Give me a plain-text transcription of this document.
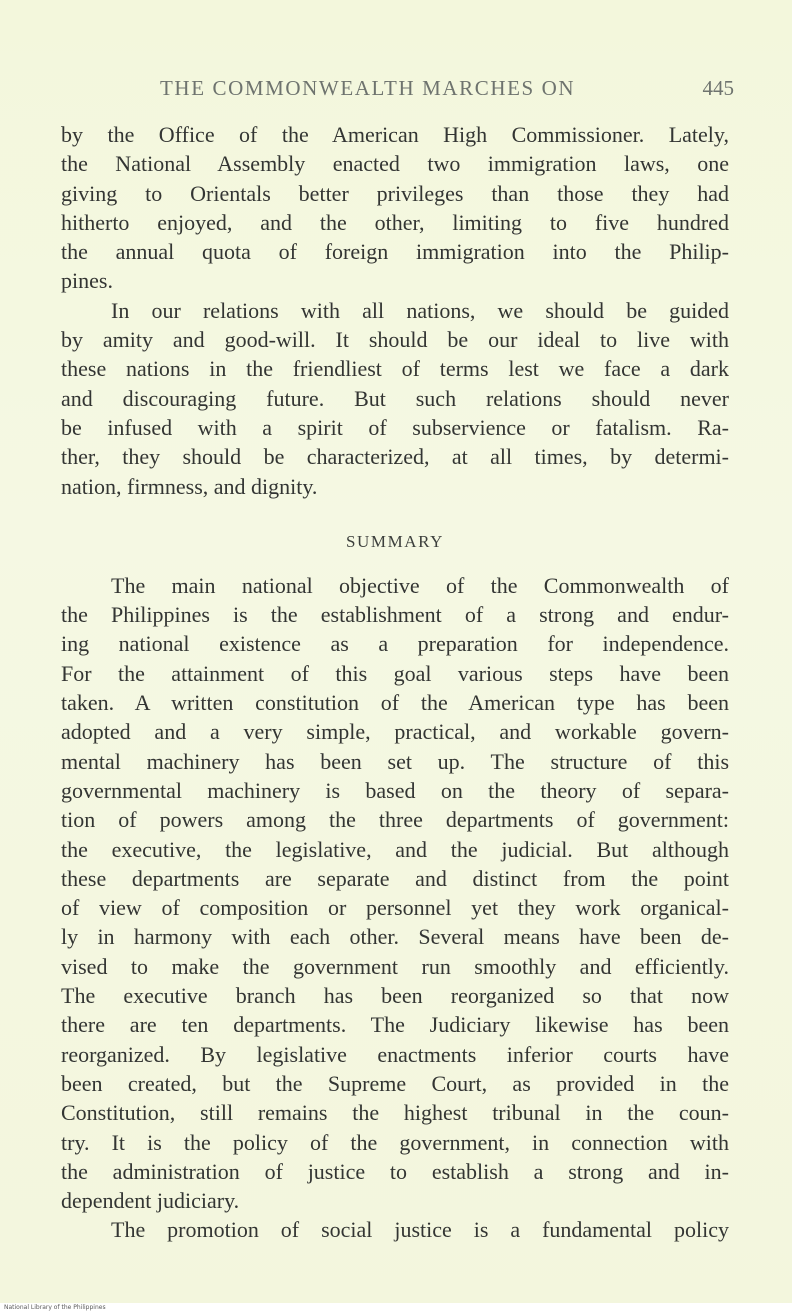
THE COMMONWEALTH MARCHES ON	445
by the Office of the American High Commissioner. Lately,
the National Assembly enacted two immigration laws, one
giving to Orientals better privileges than those they had
hitherto enjoyed, and the other, limiting to five hundred
the annual quota of foreign immigration into the Philip-
pines.
In our relations with all nations, we should be guided
by amity and good-will. It should be our ideal to live with
these nations in the friendliest of terms lest we face a dark
and discouraging future. But such relations should never
be infused with a spirit of subservience or fatalism. Ra-
ther, they should be characterized, at all times, by determi-
nation, firmness, and dignity.
SUMMARY
The main national objective of the Commonwealth of
the Philippines is the establishment of a strong and endur-
ing national existence as a preparation for independence.
For the attainment of this goal various steps have been
taken. A written constitution of the American type has been
adopted and a very simple, practical, and workable govern-
mental machinery has been set up. The structure of this
governmental machinery is based on the theory of separa-
tion of powers among the three departments of government:
the executive, the legislative, and the judicial. But although
these departments are separate and distinct from the point
of view of composition or personnel yet they work organical-
ly in harmony with each other. Several means have been de-
vised to make the government run smoothly and efficiently.
The executive branch has been reorganized so that now
there are ten departments. The Judiciary likewise has been
reorganized. By legislative enactments inferior courts have
been created, but the Supreme Court, as provided in the
Constitution, still remains the highest tribunal in the coun-
try. It is the policy of the government, in connection with
the administration of justice to establish a strong and in-
dependent judiciary.
The promotion of social justice is a fundamental policy
National Library of the Philippines
